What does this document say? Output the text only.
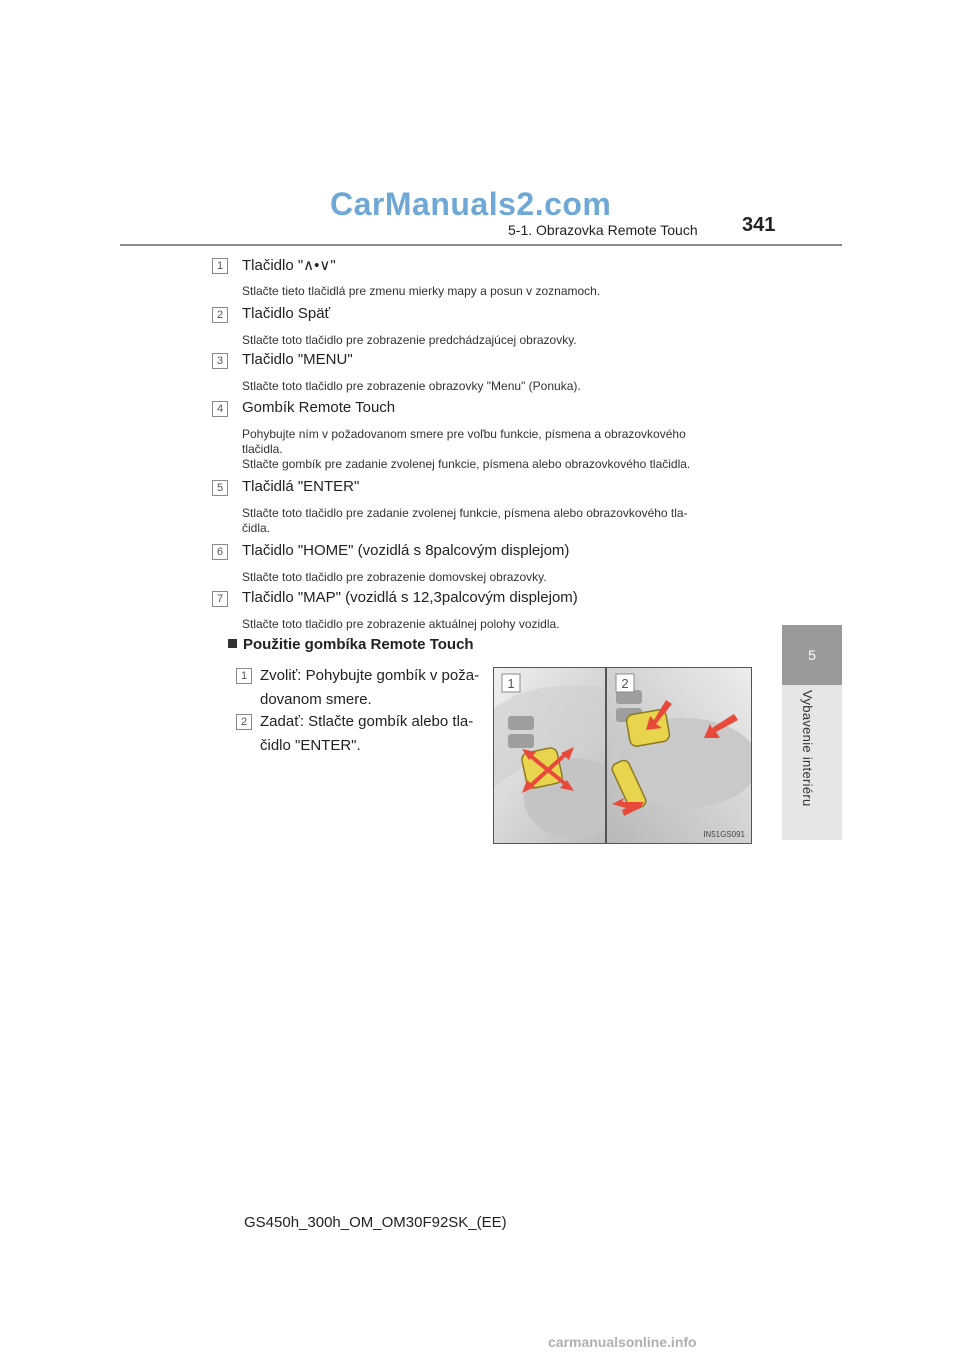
CarManuals2.com
5-1. Obrazovka Remote Touch 341
5
Vybavenie interiéru
1	Tlačidlo "∧•∨"
Stlačte tieto tlačidlá pre zmenu mierky mapy a posun v zoznamoch.
2	Tlačidlo Späť
Stlačte toto tlačidlo pre zobrazenie predchádzajúcej obrazovky.
3	Tlačidlo "MENU"
Stlačte toto tlačidlo pre zobrazenie obrazovky "Menu" (Ponuka).
4	Gombík Remote Touch
Pohybujte ním v požadovanom smere pre voľbu funkcie, písmena a obrazovkového
tlačidla.
Stlačte gombík pre zadanie zvolenej funkcie, písmena alebo obrazovkového tlačidla.
5	Tlačidlá "ENTER"
Stlačte toto tlačidlo pre zadanie zvolenej funkcie, písmena alebo obrazovkového tla-
čidla.
6	Tlačidlo "HOME" (vozidlá s 8palcovým displejom)
Stlačte toto tlačidlo pre zobrazenie domovskej obrazovky.
7	Tlačidlo "MAP" (vozidlá s 12,3palcovým displejom)
Stlačte toto tlačidlo pre zobrazenie aktuálnej polohy vozidla.
Použitie gombíka Remote Touch
1 Zvoliť: Pohybujte gombík v poža-
dovanom smere.
2 Zadať: Stlačte gombík alebo tla-
čidlo "ENTER".
1	2
IN51GS091
GS450h_300h_OM_OM30F92SK_(EE)
carmanualsonline.info
